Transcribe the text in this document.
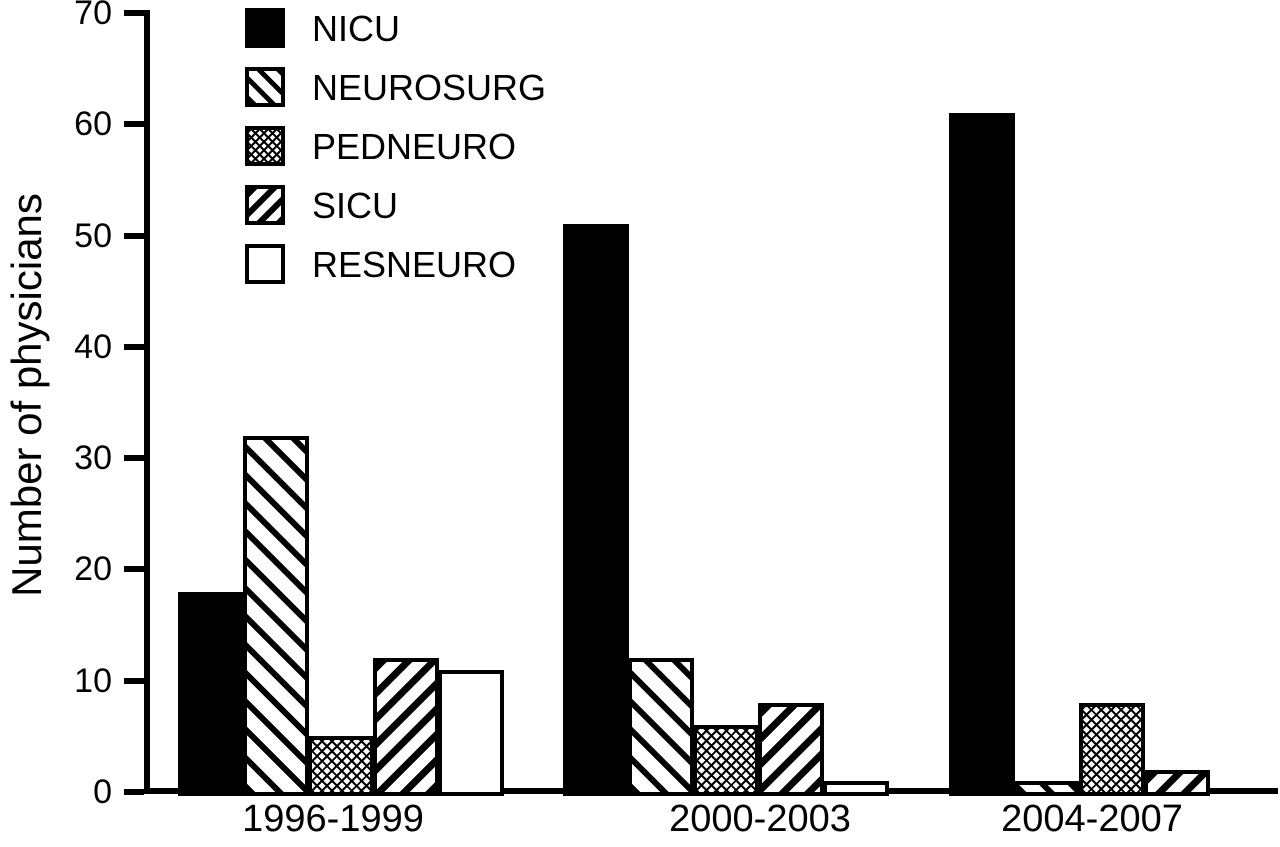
Number of physicians
0
10
20
30
40
50
60
70
1996-1999	2000-2003	2004-2007
NICU
NEUROSURG
PEDNEURO
SICU
RESNEURO
